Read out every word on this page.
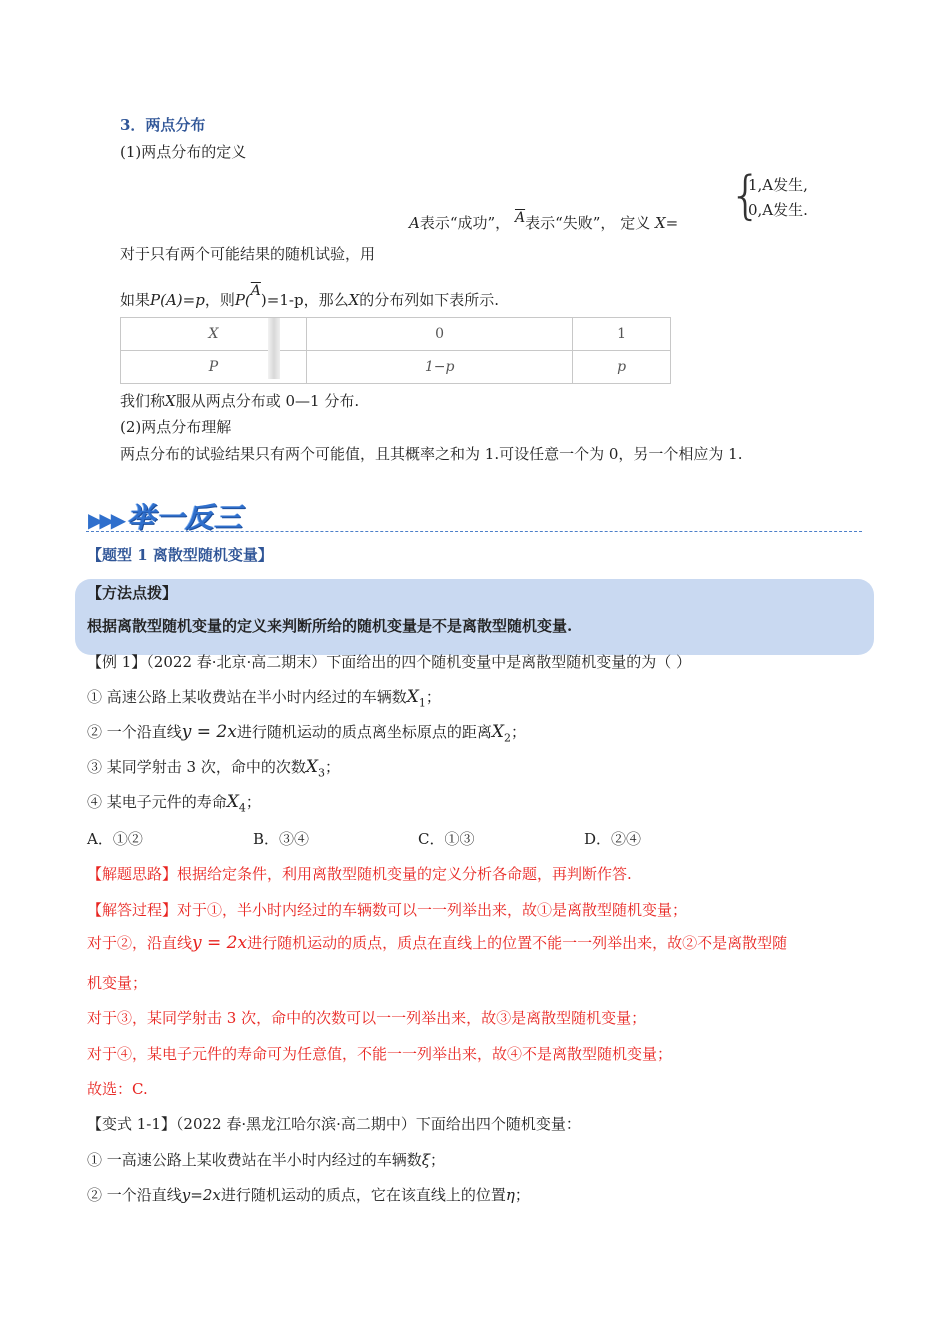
3．两点分布
(1)两点分布的定义
A表示“成功”， $\overline{A}$表示“失败”， 定义 X= {
1,A发生,
0,A发生.
对于只有两个可能结果的随机试验，用
如果P(A)=p，则$P(\overline{A})=1-p$，那么X的分布列如下表所示.
X	0	1
P	1−p	p
我们称X服从两点分布或 0—1 分布.
(2)两点分布理解
两点分布的试验结果只有两个可能值，且其概率之和为 1.可设任意一个为 0，另一个相应为 1.
▶▶▶ 举一反三
【题型 1 离散型随机变量】
【方法点拨】
根据离散型随机变量的定义来判断所给的随机变量是不是离散型随机变量.
【例 1】（2022 春·北京·高二期末）下面给出的四个随机变量中是离散型随机变量的为（ ）
① 高速公路上某收费站在半小时内经过的车辆数$X_1$；
② 一个沿直线y = 2x进行随机运动的质点离坐标原点的距离$X_2$；
③ 某同学射击 3 次，命中的次数$X_3$；
④ 某电子元件的寿命$X_4$；
A．①②	B．③④	C．①③	D．②④
【解题思路】根据给定条件，利用离散型随机变量的定义分析各命题，再判断作答.
【解答过程】对于①，半小时内经过的车辆数可以一一列举出来，故①是离散型随机变量；
对于②，沿直线y = 2x进行随机运动的质点，质点在直线上的位置不能一一列举出来，故②不是离散型随
机变量；
对于③，某同学射击 3 次，命中的次数可以一一列举出来，故③是离散型随机变量；
对于④，某电子元件的寿命可为任意值，不能一一列举出来，故④不是离散型随机变量；
故选：C.
【变式 1-1】（2022 春·黑龙江哈尔滨·高二期中）下面给出四个随机变量：
① 一高速公路上某收费站在半小时内经过的车辆数ξ；
② 一个沿直线y=2x进行随机运动的质点，它在该直线上的位置η；
